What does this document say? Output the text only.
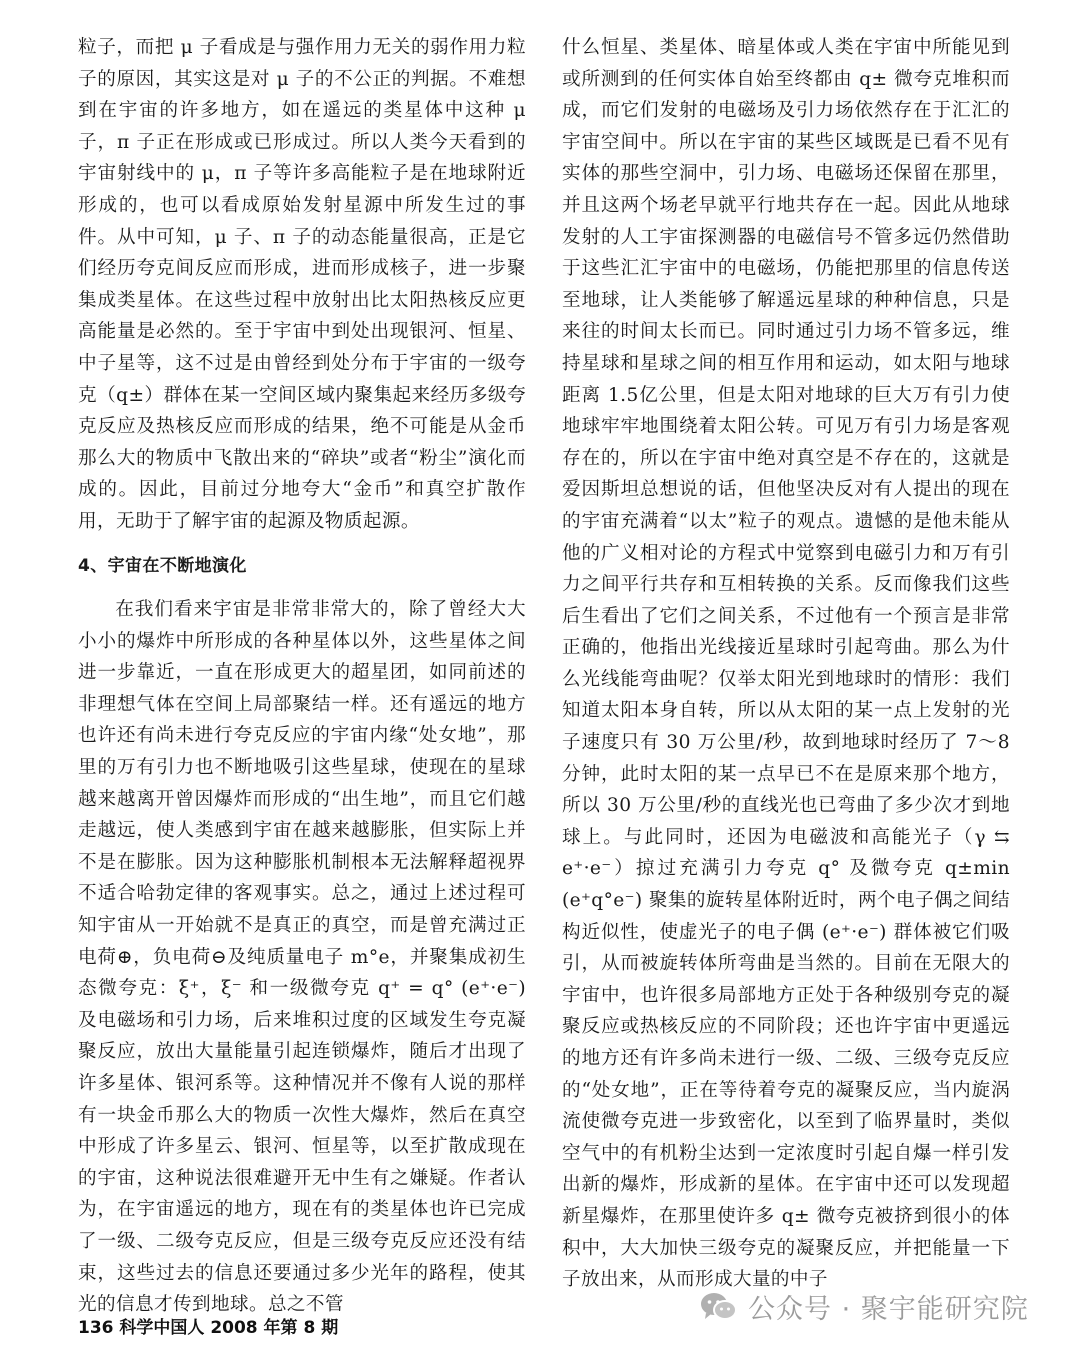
粒子，而把 μ 子看成是与强作用力无关的弱作用力粒子的原因，其实这是对 μ 子的不公正的判据。不难想到在宇宙的许多地方，如在遥远的类星体中这种 μ 子，π 子正在形成或已形成过。所以人类今天看到的宇宙射线中的 μ，π 子等许多高能粒子是在地球附近形成的，也可以看成原始发射星源中所发生过的事件。从中可知，μ 子、π 子的动态能量很高，正是它们经历夸克间反应而形成，进而形成核子，进一步聚集成类星体。在这些过程中放射出比太阳热核反应更高能量是必然的。至于宇宙中到处出现银河、恒星、中子星等，这不过是由曾经到处分布于宇宙的一级夸克（q±）群体在某一空间区域内聚集起来经历多级夸克反应及热核反应而形成的结果，绝不可能是从金币那么大的物质中飞散出来的“碎块”或者“粉尘”演化而成的。因此，目前过分地夸大“金币”和真空扩散作用，无助于了解宇宙的起源及物质起源。

4、宇宙在不断地演化

在我们看来宇宙是非常非常大的，除了曾经大大小小的爆炸中所形成的各种星体以外，这些星体之间进一步靠近，一直在形成更大的超星团，如同前述的非理想气体在空间上局部聚结一样。还有遥远的地方也许还有尚未进行夸克反应的宇宙内缘“处女地”，那里的万有引力也不断地吸引这些星球，使现在的星球越来越离开曾因爆炸而形成的“出生地”，而且它们越走越远，使人类感到宇宙在越来越膨胀，但实际上并不是在膨胀。因为这种膨胀机制根本无法解释超视界不适合哈勃定律的客观事实。总之，通过上述过程可知宇宙从一开始就不是真正的真空，而是曾充满过正电荷⊕，负电荷⊖及纯质量电子 m°e，并聚集成初生态微夸克：ξ⁺，ξ⁻ 和一级微夸克 q⁺ = q° (e⁺·e⁻) 及电磁场和引力场，后来堆积过度的区域发生夸克凝聚反应，放出大量能量引起连锁爆炸，随后才出现了许多星体、银河系等。这种情况并不像有人说的那样有一块金币那么大的物质一次性大爆炸，然后在真空中形成了许多星云、银河、恒星等，以至扩散成现在的宇宙，这种说法很难避开无中生有之嫌疑。作者认为，在宇宙遥远的地方，现在有的类星体也许已完成了一级、二级夸克反应，但是三级夸克反应还没有结束，这些过去的信息还要通过多少光年的路程，使其光的信息才传到地球。总之不管

什么恒星、类星体、暗星体或人类在宇宙中所能见到或所测到的任何实体自始至终都由 q± 微夸克堆积而成，而它们发射的电磁场及引力场依然存在于汇汇的宇宙空间中。所以在宇宙的某些区域既是已看不见有实体的那些空洞中，引力场、电磁场还保留在那里，并且这两个场老早就平行地共存在一起。因此从地球发射的人工宇宙探测器的电磁信号不管多远仍然借助于这些汇汇宇宙中的电磁场，仍能把那里的信息传送至地球，让人类能够了解遥远星球的种种信息，只是来往的时间太长而已。同时通过引力场不管多远，维持星球和星球之间的相互作用和运动，如太阳与地球距离 1.5亿公里，但是太阳对地球的巨大万有引力使地球牢牢地围绕着太阳公转。可见万有引力场是客观存在的，所以在宇宙中绝对真空是不存在的，这就是爱因斯坦总想说的话，但他坚决反对有人提出的现在的宇宙充满着“以太”粒子的观点。遗憾的是他未能从他的广义相对论的方程式中觉察到电磁引力和万有引力之间平行共存和互相转换的关系。反而像我们这些后生看出了它们之间关系，不过他有一个预言是非常正确的，他指出光线接近星球时引起弯曲。那么为什么光线能弯曲呢？仅举太阳光到地球时的情形：我们知道太阳本身自转，所以从太阳的某一点上发射的光子速度只有 30 万公里/秒，故到地球时经历了 7～8 分钟，此时太阳的某一点早已不在是原来那个地方，所以 30 万公里/秒的直线光也已弯曲了多少次才到地球上。与此同时，还因为电磁波和高能光子（γ ⇆ e⁺·e⁻）掠过充满引力夸克 q° 及微夸克 q±min (e⁺q°e⁻) 聚集的旋转星体附近时，两个电子偶之间结构近似性，使虚光子的电子偶 (e⁺·e⁻) 群体被它们吸引，从而被旋转体所弯曲是当然的。目前在无限大的宇宙中，也许很多局部地方正处于各种级别夸克的凝聚反应或热核反应的不同阶段；还也许宇宙中更遥远的地方还有许多尚未进行一级、二级、三级夸克反应的“处女地”，正在等待着夸克的凝聚反应，当内旋涡流使微夸克进一步致密化，以至到了临界量时，类似空气中的有机粉尘达到一定浓度时引起自爆一样引发出新的爆炸，形成新的星体。在宇宙中还可以发现超新星爆炸，在那里使许多 q± 微夸克被挤到很小的体积中，大大加快三级夸克的凝聚反应，并把能量一下子放出来，从而形成大量的中子

136 科学中国人 2008 年第 8 期
公众号 · 聚宇能研究院
